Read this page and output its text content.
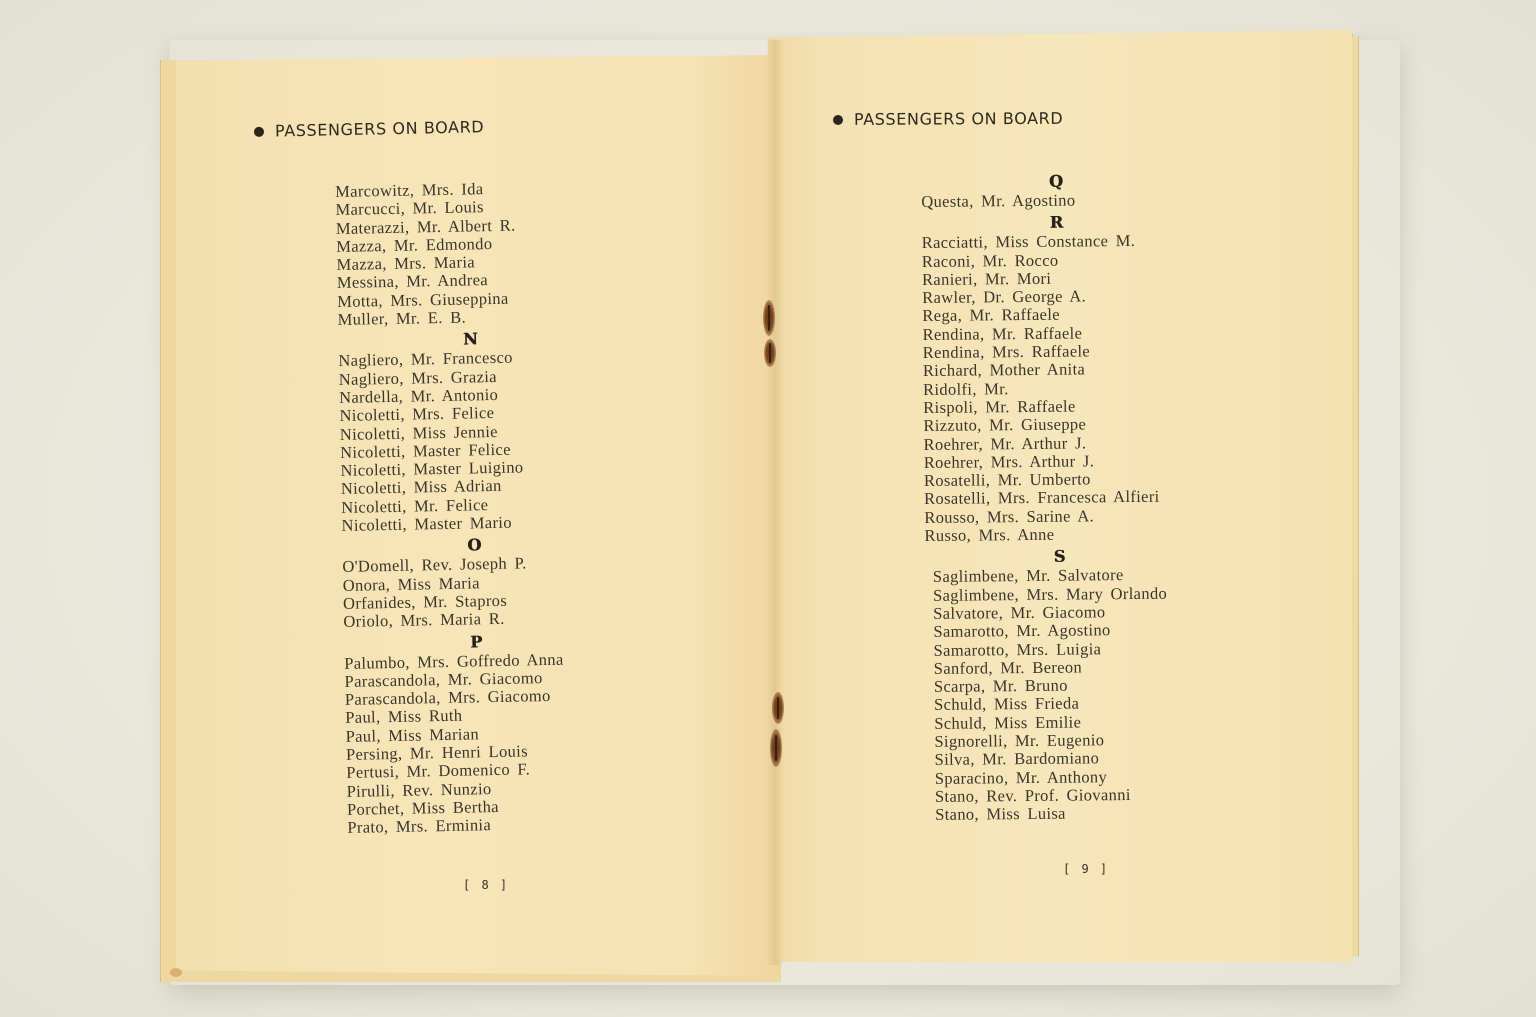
PASSENGERS ON BOARD
Marcowitz, Mrs. Ida
Marcucci, Mr. Louis
Materazzi, Mr. Albert R.
Mazza, Mr. Edmondo
Mazza, Mrs. Maria
Messina, Mr. Andrea
Motta, Mrs. Giuseppina
Muller, Mr. E. B.
N
Nagliero, Mr. Francesco
Nagliero, Mrs. Grazia
Nardella, Mr. Antonio
Nicoletti, Mrs. Felice
Nicoletti, Miss Jennie
Nicoletti, Master Felice
Nicoletti, Master Luigino
Nicoletti, Miss Adrian
Nicoletti, Mr. Felice
Nicoletti, Master Mario
O
O'Domell, Rev. Joseph P.
Onora, Miss Maria
Orfanides, Mr. Stapros
Oriolo, Mrs. Maria R.
P
Palumbo, Mrs. Goffredo Anna
Parascandola, Mr. Giacomo
Parascandola, Mrs. Giacomo
Paul, Miss Ruth
Paul, Miss Marian
Persing, Mr. Henri Louis
Pertusi, Mr. Domenico F.
Pirulli, Rev. Nunzio
Porchet, Miss Bertha
Prato, Mrs. Erminia
[ 8 ]
PASSENGERS ON BOARD
Q
Questa, Mr. Agostino
R
Racciatti, Miss Constance M.
Raconi, Mr. Rocco
Ranieri, Mr. Mori
Rawler, Dr. George A.
Rega, Mr. Raffaele
Rendina, Mr. Raffaele
Rendina, Mrs. Raffaele
Richard, Mother Anita
Ridolfi, Mr.
Rispoli, Mr. Raffaele
Rizzuto, Mr. Giuseppe
Roehrer, Mr. Arthur J.
Roehrer, Mrs. Arthur J.
Rosatelli, Mr. Umberto
Rosatelli, Mrs. Francesca Alfieri
Rousso, Mrs. Sarine A.
Russo, Mrs. Anne
S
Saglimbene, Mr. Salvatore
Saglimbene, Mrs. Mary Orlando
Salvatore, Mr. Giacomo
Samarotto, Mr. Agostino
Samarotto, Mrs. Luigia
Sanford, Mr. Bereon
Scarpa, Mr. Bruno
Schuld, Miss Frieda
Schuld, Miss Emilie
Signorelli, Mr. Eugenio
Silva, Mr. Bardomiano
Sparacino, Mr. Anthony
Stano, Rev. Prof. Giovanni
Stano, Miss Luisa
[ 9 ]
